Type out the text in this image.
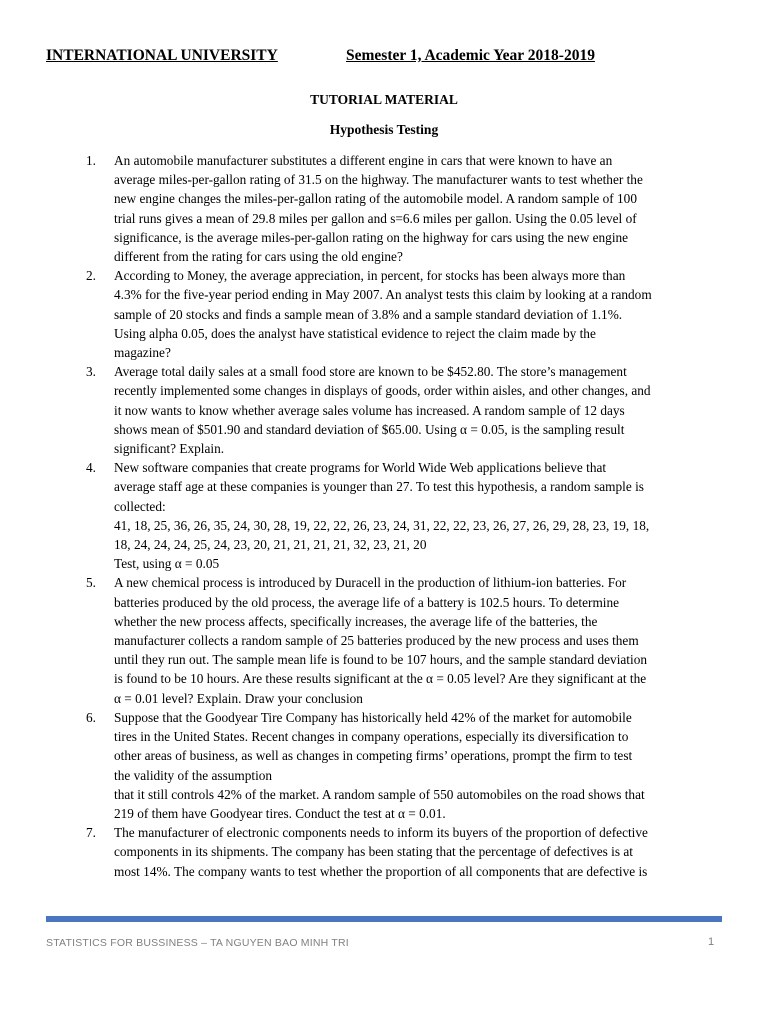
INTERNATIONAL UNIVERSITY	Semester 1, Academic Year 2018-2019
TUTORIAL MATERIAL
Hypothesis Testing
1. An automobile manufacturer substitutes a different engine in cars that were known to have an
average miles-per-gallon rating of 31.5 on the highway. The manufacturer wants to test whether the
new engine changes the miles-per-gallon rating of the automobile model. A random sample of 100
trial runs gives a mean of 29.8 miles per gallon and s=6.6 miles per gallon. Using the 0.05 level of
significance, is the average miles-per-gallon rating on the highway for cars using the new engine
different from the rating for cars using the old engine?
2. According to Money, the average appreciation, in percent, for stocks has been always more than
4.3% for the five-year period ending in May 2007. An analyst tests this claim by looking at a random
sample of 20 stocks and finds a sample mean of 3.8% and a sample standard deviation of 1.1%.
Using alpha 0.05, does the analyst have statistical evidence to reject the claim made by the
magazine?
3. Average total daily sales at a small food store are known to be $452.80. The store’s management
recently implemented some changes in displays of goods, order within aisles, and other changes, and
it now wants to know whether average sales volume has increased. A random sample of 12 days
shows mean of $501.90 and standard deviation of $65.00. Using α = 0.05, is the sampling result
significant? Explain.
4. New software companies that create programs for World Wide Web applications believe that
average staff age at these companies is younger than 27. To test this hypothesis, a random sample is
collected:
41, 18, 25, 36, 26, 35, 24, 30, 28, 19, 22, 22, 26, 23, 24, 31, 22, 22, 23, 26, 27, 26, 29, 28, 23, 19, 18,
18, 24, 24, 24, 25, 24, 23, 20, 21, 21, 21, 21, 32, 23, 21, 20
Test, using α = 0.05
5. A new chemical process is introduced by Duracell in the production of lithium-ion batteries. For
batteries produced by the old process, the average life of a battery is 102.5 hours. To determine
whether the new process affects, specifically increases, the average life of the batteries, the
manufacturer collects a random sample of 25 batteries produced by the new process and uses them
until they run out. The sample mean life is found to be 107 hours, and the sample standard deviation
is found to be 10 hours. Are these results significant at the α = 0.05 level? Are they significant at the
α = 0.01 level? Explain. Draw your conclusion
6. Suppose that the Goodyear Tire Company has historically held 42% of the market for automobile
tires in the United States. Recent changes in company operations, especially its diversification to
other areas of business, as well as changes in competing firms’ operations, prompt the firm to test
the validity of the assumption
that it still controls 42% of the market. A random sample of 550 automobiles on the road shows that
219 of them have Goodyear tires. Conduct the test at α = 0.01.
7. The manufacturer of electronic components needs to inform its buyers of the proportion of defective
components in its shipments. The company has been stating that the percentage of defectives is at
most 14%. The company wants to test whether the proportion of all components that are defective is
STATISTICS FOR BUSSINESS – TA NGUYEN BAO MINH TRI	1
